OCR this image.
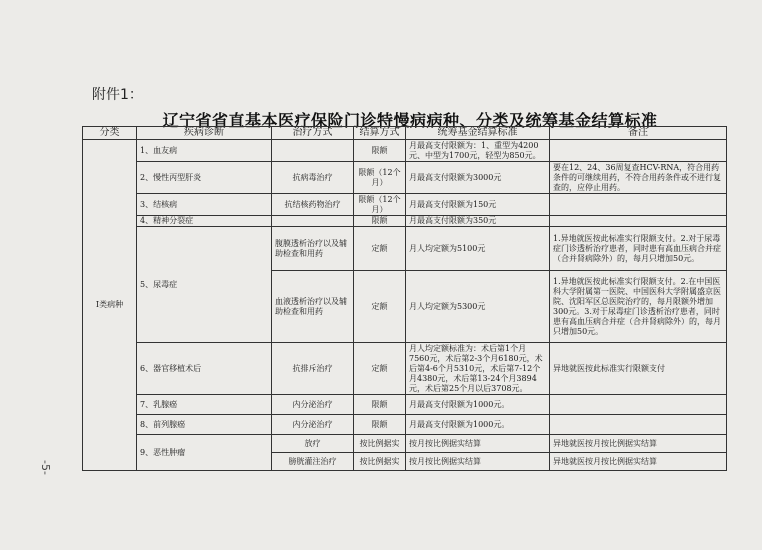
附件1：
辽宁省省直基本医疗保险门诊特慢病病种、分类及统筹基金结算标准
-5-
分类	疾病诊断	治疗方式	结算方式	统筹基金结算标准	备注
I类病种	1、血友病		限额	月最高支付限额为：1、重型为4200元、中型为1700元，轻型为850元。	
	2、慢性丙型肝炎	抗病毒治疗	限额（12个月）	月最高支付限额为3000元	要在12、24、36周复查HCV-RNA，符合用药条件的可继续用药，不符合用药条件或不进行复查的，应停止用药。
	3、结核病	抗结核药物治疗	限额（12个月）	月最高支付限额为150元	
	4、精神分裂症		限额	月最高支付限额为350元	
	5、尿毒症	腹膜透析治疗以及辅助检查和用药	定额	月人均定额为5100元	1.异地就医按此标准实行限额支付。2.对于尿毒症门诊透析治疗患者，同时患有高血压病合并症（合并肾病除外）的，每月只增加50元。
		血液透析治疗以及辅助检查和用药	定额	月人均定额为5300元	1.异地就医按此标准实行限额支付。2.在中国医科大学附属第一医院、中国医科大学附属盛京医院、沈阳军区总医院治疗的，每月限额外增加300元。3.对于尿毒症门诊透析治疗患者，同时患有高血压病合并症（合并肾病除外）的，每月只增加50元。
	6、器官移植术后	抗排斥治疗	定额	月人均定额标准为：术后第1个月7560元，术后第2-3个月6180元，术后第4-6个月5310元，术后第7-12个月4380元，术后第13-24个月3894元，术后第25个月以后3708元。	异地就医按此标准实行限额支付
	7、乳腺癌	内分泌治疗	限额	月最高支付限额为1000元。	
	8、前列腺癌	内分泌治疗	限额	月最高支付限额为1000元。	
	9、恶性肿瘤	放疗	按比例据实	按月按比例据实结算	异地就医按月按比例据实结算
		膀胱灌注治疗	按比例据实	按月按比例据实结算	异地就医按月按比例据实结算
